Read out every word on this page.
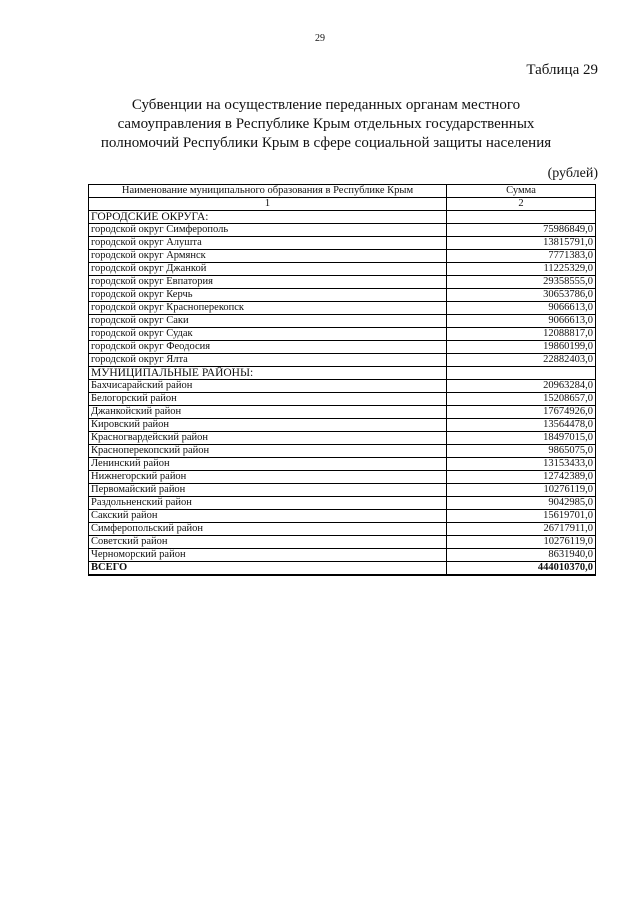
29
Таблица 29
Субвенции на осуществление переданных органам местного
самоуправления в Республике Крым отдельных государственных
полномочий Республики Крым в сфере социальной защиты населения
(рублей)
Наименование муниципального образования в Республике Крым	Сумма
1	2
ГОРОДСКИЕ ОКРУГА:	
городской округ Симферополь	75986849,0
городской округ Алушта	13815791,0
городской округ Армянск	7771383,0
городской округ Джанкой	11225329,0
городской округ Евпатория	29358555,0
городской округ Керчь	30653786,0
городской округ Красноперекопск	9066613,0
городской округ Саки	9066613,0
городской округ Судак	12088817,0
городской округ Феодосия	19860199,0
городской округ Ялта	22882403,0
МУНИЦИПАЛЬНЫЕ РАЙОНЫ:	
Бахчисарайский район	20963284,0
Белогорский район	15208657,0
Джанкойский район	17674926,0
Кировский район	13564478,0
Красногвардейский район	18497015,0
Красноперекопский район	9865075,0
Ленинский район	13153433,0
Нижнегорский район	12742389,0
Первомайский район	10276119,0
Раздольненский район	9042985,0
Сакский район	15619701,0
Симферопольский район	26717911,0
Советский район	10276119,0
Черноморский район	8631940,0
ВСЕГО	444010370,0
